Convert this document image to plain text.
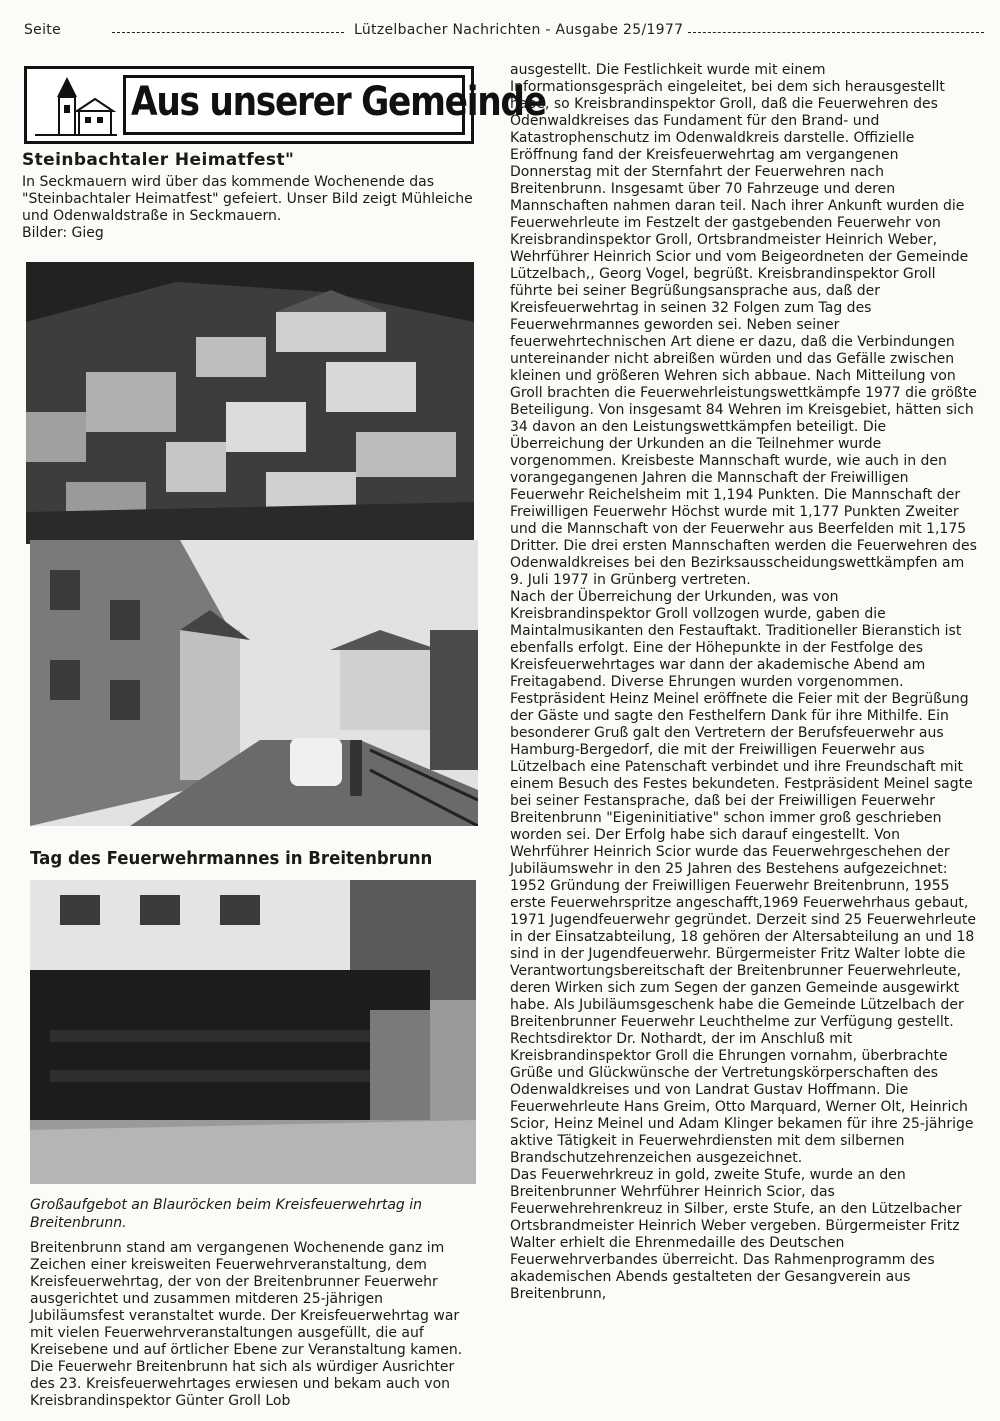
Seite	Lützelbacher Nachrichten - Ausgabe 25/1977
Aus unserer Gemeinde
Steinbachtaler Heimatfest"

In Seckmauern wird über das kommende Wochenende das "Steinbachtaler Heimatfest" gefeiert. Unser Bild zeigt Mühleiche und Odenwaldstraße in Seckmauern.

Bilder: Gieg

Tag des Feuerwehrmannes in Breitenbrunn
Großaufgebot an Blauröcken beim Kreisfeuerwehrtag in Breitenbrunn.

Breitenbrunn stand am vergangenen Wochenende ganz im Zeichen einer kreisweiten Feuerwehrveranstaltung, dem Kreisfeuerwehrtag, der von der Breitenbrunner Feuerwehr ausgerichtet und zusammen mitderen 25-jährigen Jubiläumsfest veranstaltet wurde. Der Kreisfeuerwehrtag war mit vielen Feuerwehrveranstaltungen ausgefüllt, die auf Kreisebene und auf örtlicher Ebene zur Veranstaltung kamen. Die Feuerwehr Breitenbrunn hat sich als würdiger Ausrichter des 23. Kreisfeuerwehrtages erwiesen und bekam auch von Kreisbrandinspektor Günter Groll Lob

ausgestellt. Die Festlichkeit wurde mit einem Informationsgespräch eingeleitet, bei dem sich herausgestellt habe, so Kreisbrandinspektor Groll, daß die Feuerwehren des Odenwaldkreises das Fundament für den Brand- und Katastrophenschutz im Odenwaldkreis darstelle. Offizielle Eröffnung fand der Kreisfeuerwehrtag am vergangenen Donnerstag mit der Sternfahrt der Feuerwehren nach Breitenbrunn. Insgesamt über 70 Fahrzeuge und deren Mannschaften nahmen daran teil. Nach ihrer Ankunft wurden die Feuerwehrleute im Festzelt der gastgebenden Feuerwehr von Kreisbrandinspektor Groll, Ortsbrandmeister Heinrich Weber, Wehrführer Heinrich Scior und vom Beigeordneten der Gemeinde Lützelbach,, Georg Vogel, begrüßt. Kreisbrandinspektor Groll führte bei seiner Begrüßungsansprache aus, daß der Kreisfeuerwehrtag in seinen 32 Folgen zum Tag des Feuerwehrmannes geworden sei. Neben seiner feuerwehrtechnischen Art diene er dazu, daß die Verbindungen untereinander nicht abreißen würden und das Gefälle zwischen kleinen und größeren Wehren sich abbaue. Nach Mitteilung von Groll brachten die Feuerwehrleistungswettkämpfe 1977 die größte Beteiligung. Von insgesamt 84 Wehren im Kreisgebiet, hätten sich 34 davon an den Leistungswettkämpfen beteiligt. Die Überreichung der Urkunden an die Teilnehmer wurde vorgenommen. Kreisbeste Mannschaft wurde, wie auch in den vorangegangenen Jahren die Mannschaft der Freiwilligen Feuerwehr Reichelsheim mit 1,194 Punkten. Die Mannschaft der Freiwilligen Feuerwehr Höchst wurde mit 1,177 Punkten Zweiter und die Mannschaft von der Feuerwehr aus Beerfelden mit 1,175 Dritter. Die drei ersten Mannschaften werden die Feuerwehren des Odenwaldkreises bei den Bezirksausscheidungswettkämpfen am 9. Juli 1977 in Grünberg vertreten.

Nach der Überreichung der Urkunden, was von Kreisbrandinspektor Groll vollzogen wurde, gaben die Maintalmusikanten den Festauftakt. Traditioneller Bieranstich ist ebenfalls erfolgt. Eine der Höhepunkte in der Festfolge des Kreisfeuerwehrtages war dann der akademische Abend am Freitagabend. Diverse Ehrungen wurden vorgenommen. Festpräsident Heinz Meinel eröffnete die Feier mit der Begrüßung der Gäste und sagte den Festhelfern Dank für ihre Mithilfe. Ein besonderer Gruß galt den Vertretern der Berufsfeuerwehr aus Hamburg-Bergedorf, die mit der Freiwilligen Feuerwehr aus Lützelbach eine Patenschaft verbindet und ihre Freundschaft mit einem Besuch des Festes bekundeten. Festpräsident Meinel sagte bei seiner Festansprache, daß bei der Freiwilligen Feuerwehr Breitenbrunn "Eigeninitiative" schon immer groß geschrieben worden sei. Der Erfolg habe sich darauf eingestellt. Von Wehrführer Heinrich Scior wurde das Feuerwehrgeschehen der Jubiläumswehr in den 25 Jahren des Bestehens aufgezeichnet: 1952 Gründung der Freiwilligen Feuerwehr Breitenbrunn, 1955 erste Feuerwehrspritze angeschafft,1969 Feuerwehrhaus gebaut, 1971 Jugendfeuerwehr gegründet. Derzeit sind 25 Feuerwehrleute in der Einsatzabteilung, 18 gehören der Altersabteilung an und 18 sind in der Jugendfeuerwehr. Bürgermeister Fritz Walter lobte die Verantwortungsbereitschaft der Breitenbrunner Feuerwehrleute, deren Wirken sich zum Segen der ganzen Gemeinde ausgewirkt habe. Als Jubiläumsgeschenk habe die Gemeinde Lützelbach der Breitenbrunner Feuerwehr Leuchthelme zur Verfügung gestellt. Rechtsdirektor Dr. Nothardt, der im Anschluß mit Kreisbrandinspektor Groll die Ehrungen vornahm, überbrachte Grüße und Glückwünsche der Vertretungskörperschaften des Odenwaldkreises und von Landrat Gustav Hoffmann. Die Feuerwehrleute Hans Greim, Otto Marquard, Werner Olt, Heinrich Scior, Heinz Meinel und Adam Klinger bekamen für ihre 25-jährige aktive Tätigkeit in Feuerwehrdiensten mit dem silbernen Brandschutzehrenzeichen ausgezeichnet.

Das Feuerwehrkreuz in gold, zweite Stufe, wurde an den Breitenbrunner Wehrführer Heinrich Scior, das Feuerwehrehrenkreuz in Silber, erste Stufe, an den Lützelbacher Ortsbrandmeister Heinrich Weber vergeben. Bürgermeister Fritz Walter erhielt die Ehrenmedaille des Deutschen Feuerwehrverbandes überreicht. Das Rahmenprogramm des akademischen Abends gestalteten der Gesangverein aus Breitenbrunn,
